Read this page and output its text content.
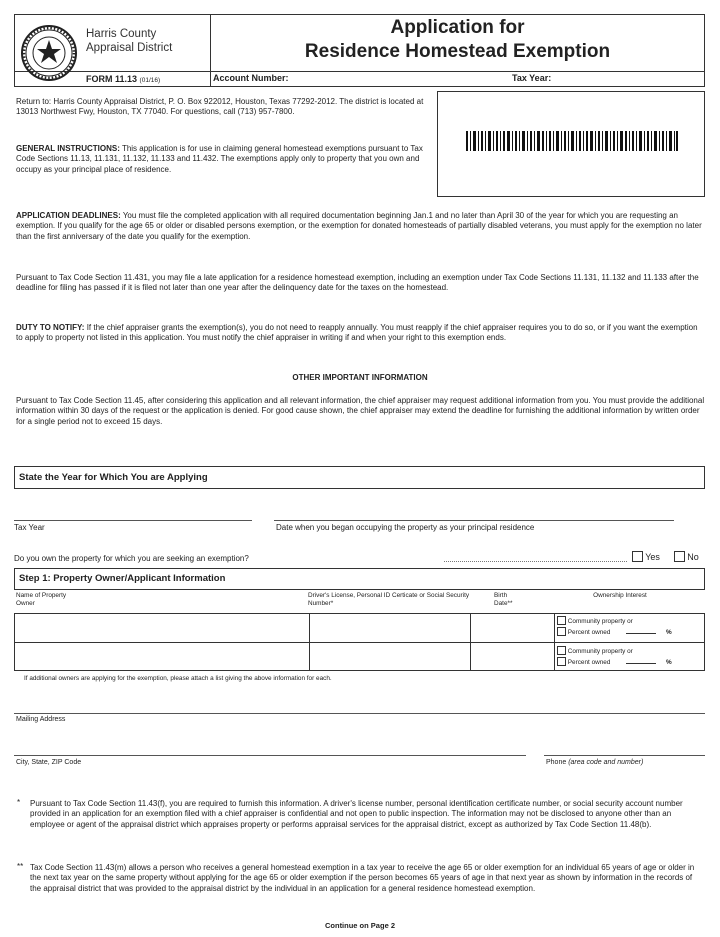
Harris County
Appraisal District
FORM 11.13 (01/16)
Application for
Residence Homestead Exemption
Account Number:	Tax Year:

Return to: Harris County Appraisal District, P. O. Box 922012, Houston, Texas 77292-2012. The district is located at 13013 Northwest Fwy, Houston, TX 77040. For questions, call (713) 957-7800.

GENERAL INSTRUCTIONS: This application is for use in claiming general homestead exemptions pursuant to Tax Code Sections 11.13, 11.131, 11.132, 11.133 and 11.432. The exemptions apply only to property that you own and occupy as your principal place of residence.

APPLICATION DEADLINES: You must file the completed application with all required documentation beginning Jan.1 and no later than April 30 of the year for which you are requesting an exemption. If you qualify for the age 65 or older or disabled persons exemption, or the exemption for donated homesteads of partially disabled veterans, you must apply for the exemption no later than the first anniversary of the date you qualify for the exemption.

Pursuant to Tax Code Section 11.431, you may file a late application for a residence homestead exemption, including an exemption under Tax Code Sections 11.131, 11.132 and 11.133 after the deadline for filing has passed if it is filed not later than one year after the delinquency date for the taxes on the homestead.

DUTY TO NOTIFY: If the chief appraiser grants the exemption(s), you do not need to reapply annually. You must reapply if the chief appraiser requires you to do so, or if you want the exemption to apply to property not listed in this application. You must notify the chief appraiser in writing if and when your right to this exemption ends.

OTHER IMPORTANT INFORMATION

Pursuant to Tax Code Section 11.45, after considering this application and all relevant information, the chief appraiser may request additional information from you. You must provide the additional information within 30 days of the request or the application is denied. For good cause shown, the chief appraiser may extend the deadline for furnishing the additional information by written order for a single period not to exceed 15 days.

State the Year for Which You are Applying
Tax Year	Date when you began occupying the property as your principal residence
Do you own the property for which you are seeking an exemption?	Yes	No
Step 1: Property Owner/Applicant Information
Name of Property Owner
Driver's License, Personal ID Certicate or Social Security Number*
Birth Date**
Ownership Interest
Community property or
Percent owned	%
Community property or
Percent owned	%
If additional owners are applying for the exemption, please attach a list giving the above information for each.
Mailing Address
City, State, ZIP Code	Phone (area code and number)
* Pursuant to Tax Code Section 11.43(f), you are required to furnish this information. A driver's license number, personal identification certificate number, or social security account number provided in an application for an exemption filed with a chief appraiser is confidential and not open to public inspection. The information may not be disclosed to anyone other than an employee or agent of the appraisal district which appraises property or performs appraisal services for the appraisal district, except as authorized by Tax Code Section 11.48(b).

** Tax Code Section 11.43(m) allows a person who receives a general homestead exemption in a tax year to receive the age 65 or older exemption for an individual 65 years of age or older in the next tax year on the same property without applying for the age 65 or older exemption if the person becomes 65 years of age in that next year as shown by information in the records of the appraisal district that was provided to the appraisal district by the individual in an application for a general residence homestead exemption.

Continue on Page 2
